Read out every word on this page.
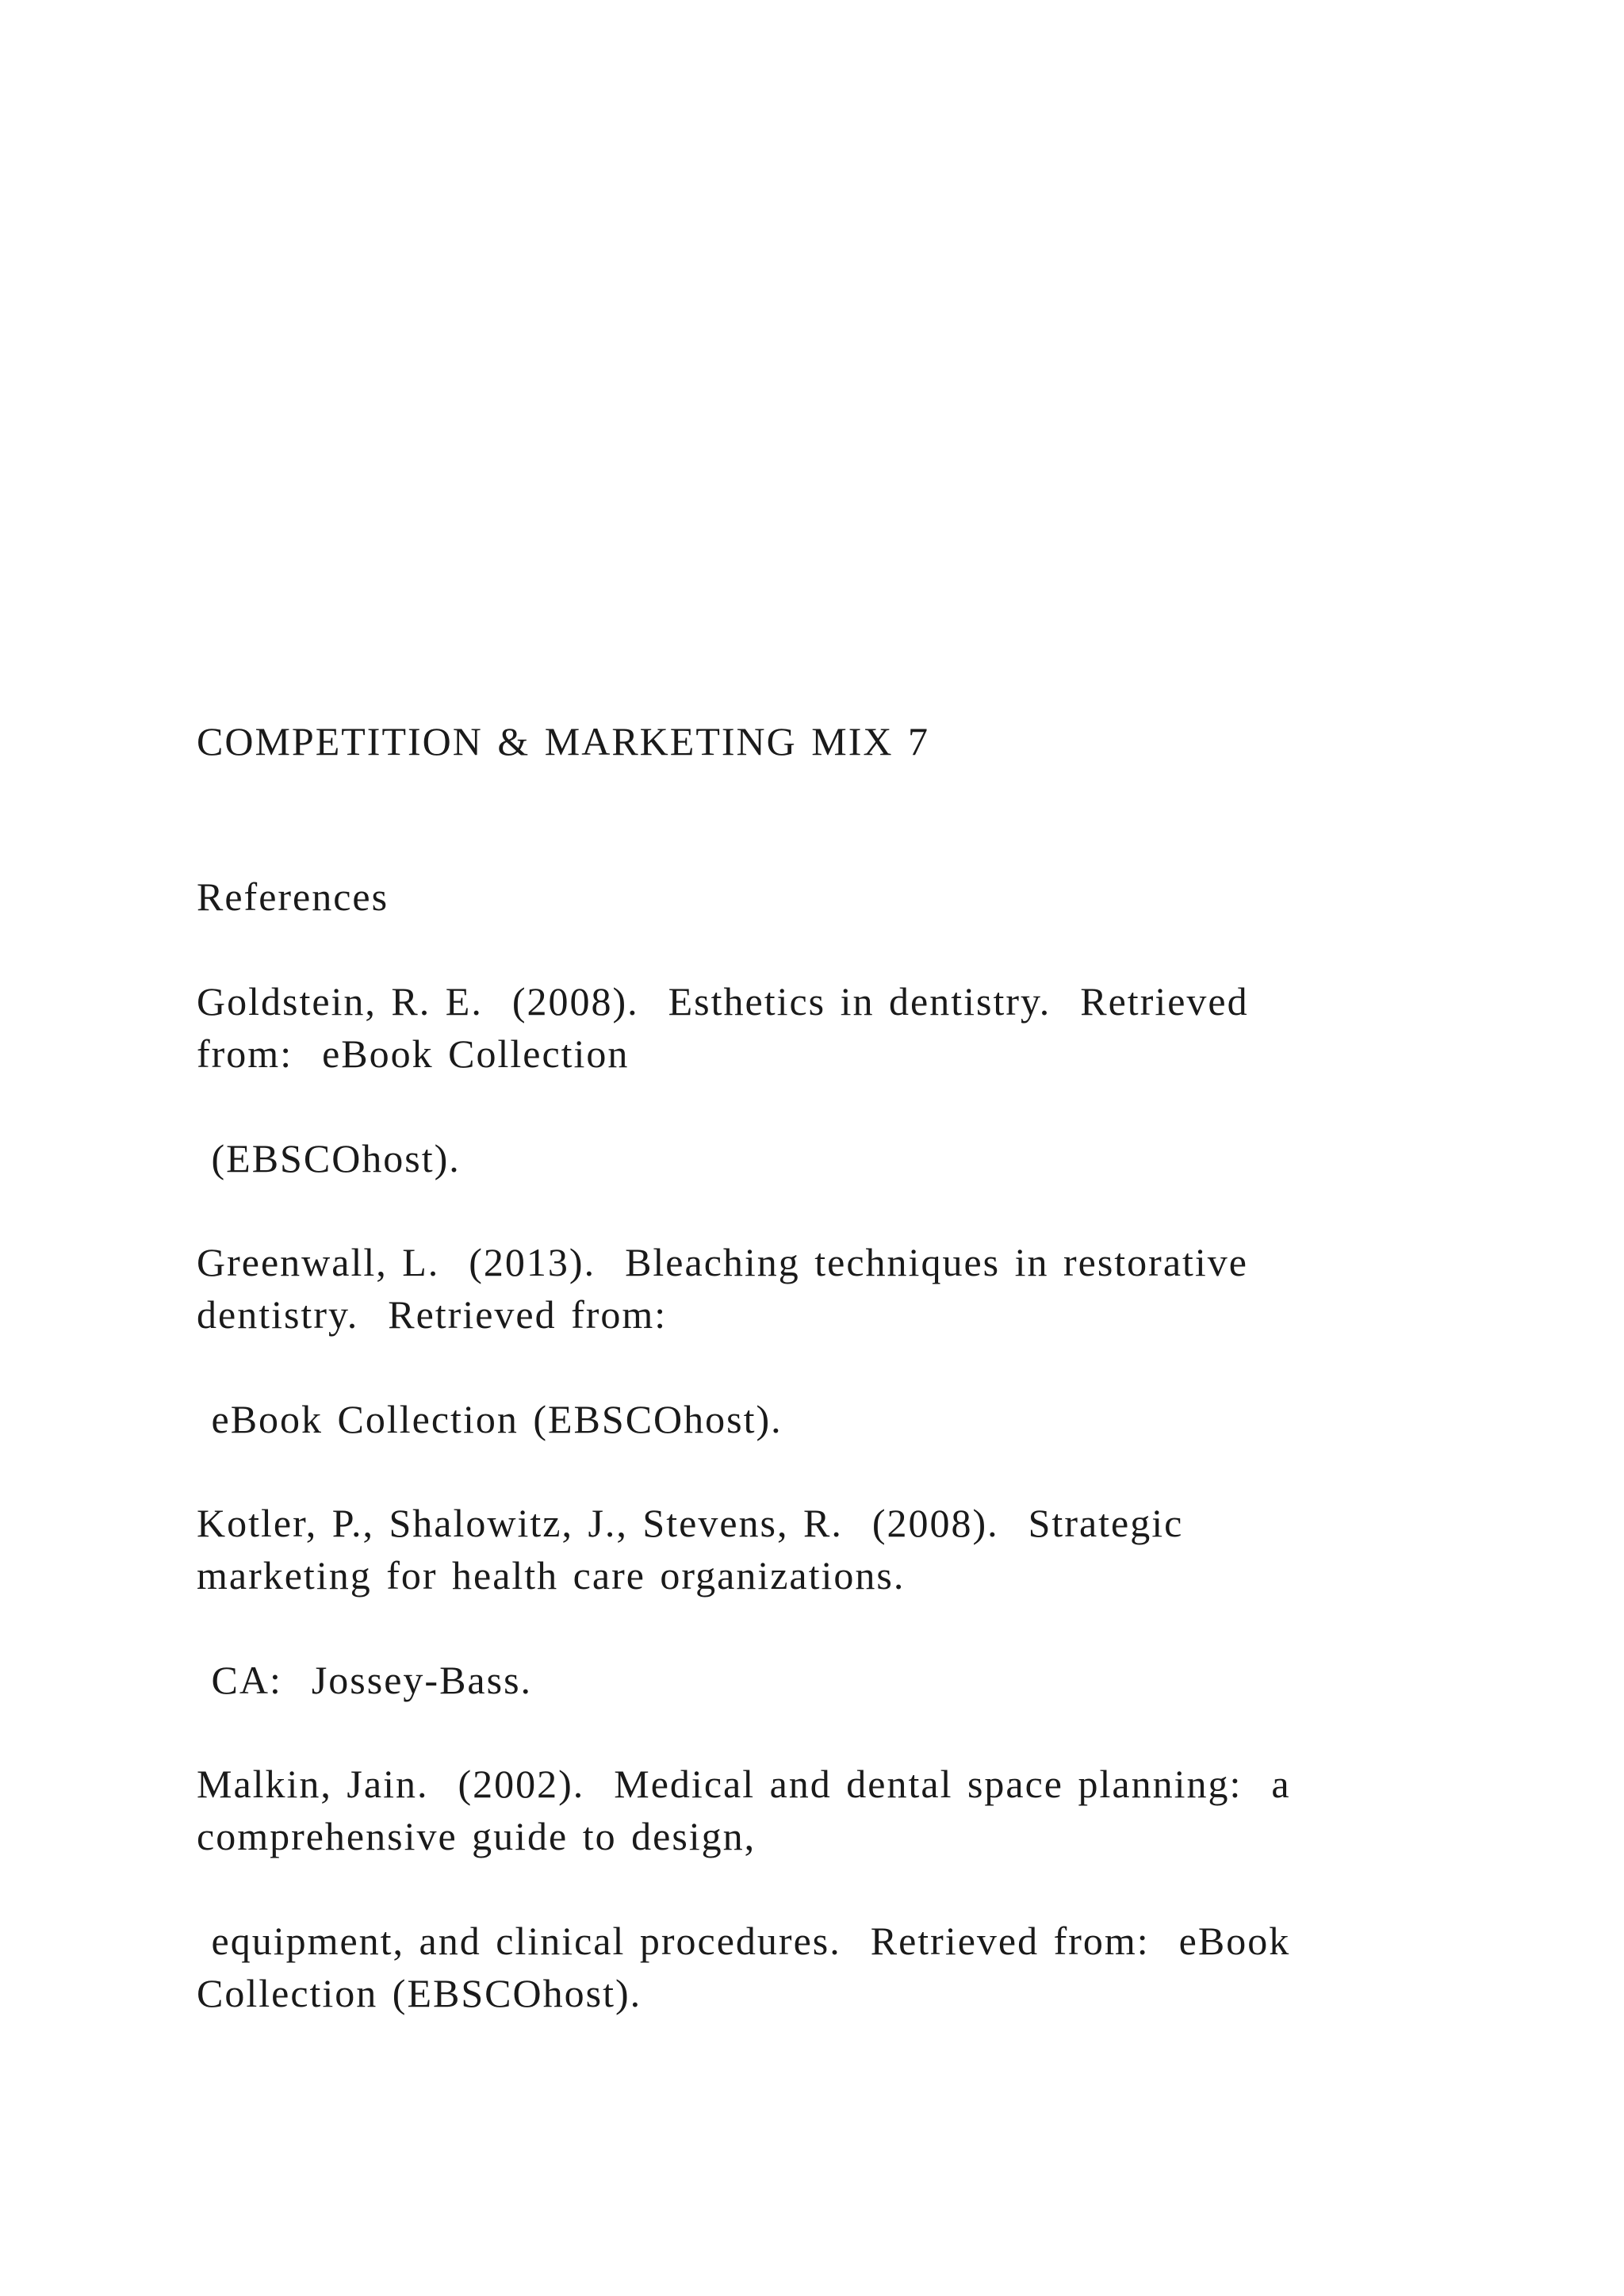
COMPETITION & MARKETING MIX 7

References

Goldstein, R. E.  (2008).  Esthetics in dentistry.  Retrieved

from:  eBook Collection

(EBSCOhost).

Greenwall, L.  (2013).  Bleaching techniques in restorative

dentistry.  Retrieved from:

eBook Collection (EBSCOhost).

Kotler, P., Shalowitz, J., Stevens, R.  (2008).  Strategic

marketing for health care organizations.

CA:  Jossey-Bass.

Malkin, Jain.  (2002).  Medical and dental space planning:  a

comprehensive guide to design,

equipment, and clinical procedures.  Retrieved from:  eBook

Collection (EBSCOhost).
